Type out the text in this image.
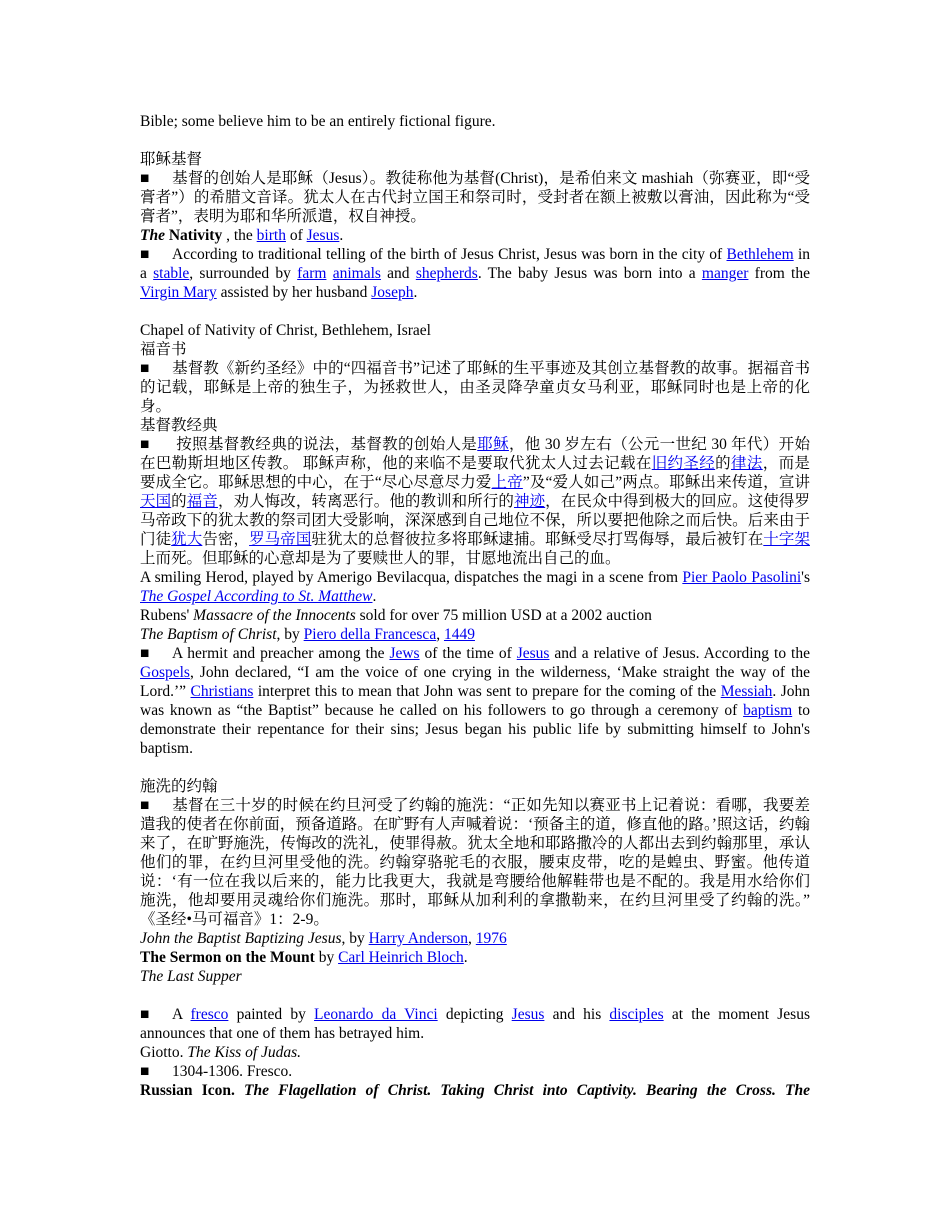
Bible; some believe him to be an entirely fictional figure.

耶稣基督

■ 基督的创始人是耶稣（Jesus）。教徒称他为基督(Christ)，是希伯来文 mashiah（弥赛亚，即“受膏者”）的希腊文音译。犹太人在古代封立国王和祭司时，受封者在额上被敷以膏油，因此称为“受膏者”，表明为耶和华所派遣，权自神授。

The Nativity , the birth of Jesus.

■ According to traditional telling of the birth of Jesus Christ, Jesus was born in the city of Bethlehem in a stable, surrounded by farm animals and shepherds. The baby Jesus was born into a manger from the Virgin Mary assisted by her husband Joseph.

Chapel of Nativity of Christ, Bethlehem, Israel

福音书

■ 基督教《新约圣经》中的“四福音书”记述了耶稣的生平事迹及其创立基督教的故事。据福音书的记载，耶稣是上帝的独生子，为拯救世人，由圣灵降孕童贞女马利亚，耶稣同时也是上帝的化身。

基督教经典

■ 按照基督教经典的说法，基督教的创始人是耶稣，他 30 岁左右（公元一世纪 30 年代）开始在巴勒斯坦地区传教。 耶稣声称，他的来临不是要取代犹太人过去记载在旧约圣经的律法，而是要成全它。耶稣思想的中心，在于“尽心尽意尽力爱上帝”及“爱人如己”两点。耶稣出来传道，宣讲天国的福音，劝人悔改，转离恶行。他的教训和所行的神迹，在民众中得到极大的回应。这使得罗马帝政下的犹太教的祭司团大受影响，深深感到自己地位不保，所以要把他除之而后快。后来由于门徒犹大告密，罗马帝国驻犹太的总督彼拉多将耶稣逮捕。耶稣受尽打骂侮辱，最后被钉在十字架上而死。但耶稣的心意却是为了要赎世人的罪，甘愿地流出自己的血。

A smiling Herod, played by Amerigo Bevilacqua, dispatches the magi in a scene from Pier Paolo Pasolini's The Gospel According to St. Matthew.

Rubens' Massacre of the Innocents sold for over 75 million USD at a 2002 auction

The Baptism of Christ, by Piero della Francesca, 1449

■ A hermit and preacher among the Jews of the time of Jesus and a relative of Jesus. According to the Gospels, John declared, “I am the voice of one crying in the wilderness, ‘Make straight the way of the Lord.’” Christians interpret this to mean that John was sent to prepare for the coming of the Messiah. John was known as “the Baptist” because he called on his followers to go through a ceremony of baptism to demonstrate their repentance for their sins; Jesus began his public life by submitting himself to John's baptism.

施洗的约翰

■ 基督在三十岁的时候在约旦河受了约翰的施洗：“正如先知以赛亚书上记着说：看哪，我要差遣我的使者在你前面，预备道路。在旷野有人声喊着说：‘预备主的道，修直他的路。’照这话，约翰来了，在旷野施洗，传悔改的洗礼，使罪得赦。犹太全地和耶路撒冷的人都出去到约翰那里，承认他们的罪，在约旦河里受他的洗。约翰穿骆驼毛的衣服，腰束皮带，吃的是蝗虫、野蜜。他传道说：‘有一位在我以后来的，能力比我更大，我就是弯腰给他解鞋带也是不配的。我是用水给你们施洗，他却要用灵魂给你们施洗。那时，耶稣从加利利的拿撒勒来，在约旦河里受了约翰的洗。” 《圣经•马可福音》1：2-9。

John the Baptist Baptizing Jesus, by Harry Anderson, 1976

The Sermon on the Mount by Carl Heinrich Bloch.

The Last Supper

■ A fresco painted by Leonardo da Vinci depicting Jesus and his disciples at the moment Jesus announces that one of them has betrayed him.

Giotto. The Kiss of Judas.

■ 1304-1306. Fresco.

Russian Icon. The Flagellation of Christ. Taking Christ into Captivity. Bearing the Cross. The
